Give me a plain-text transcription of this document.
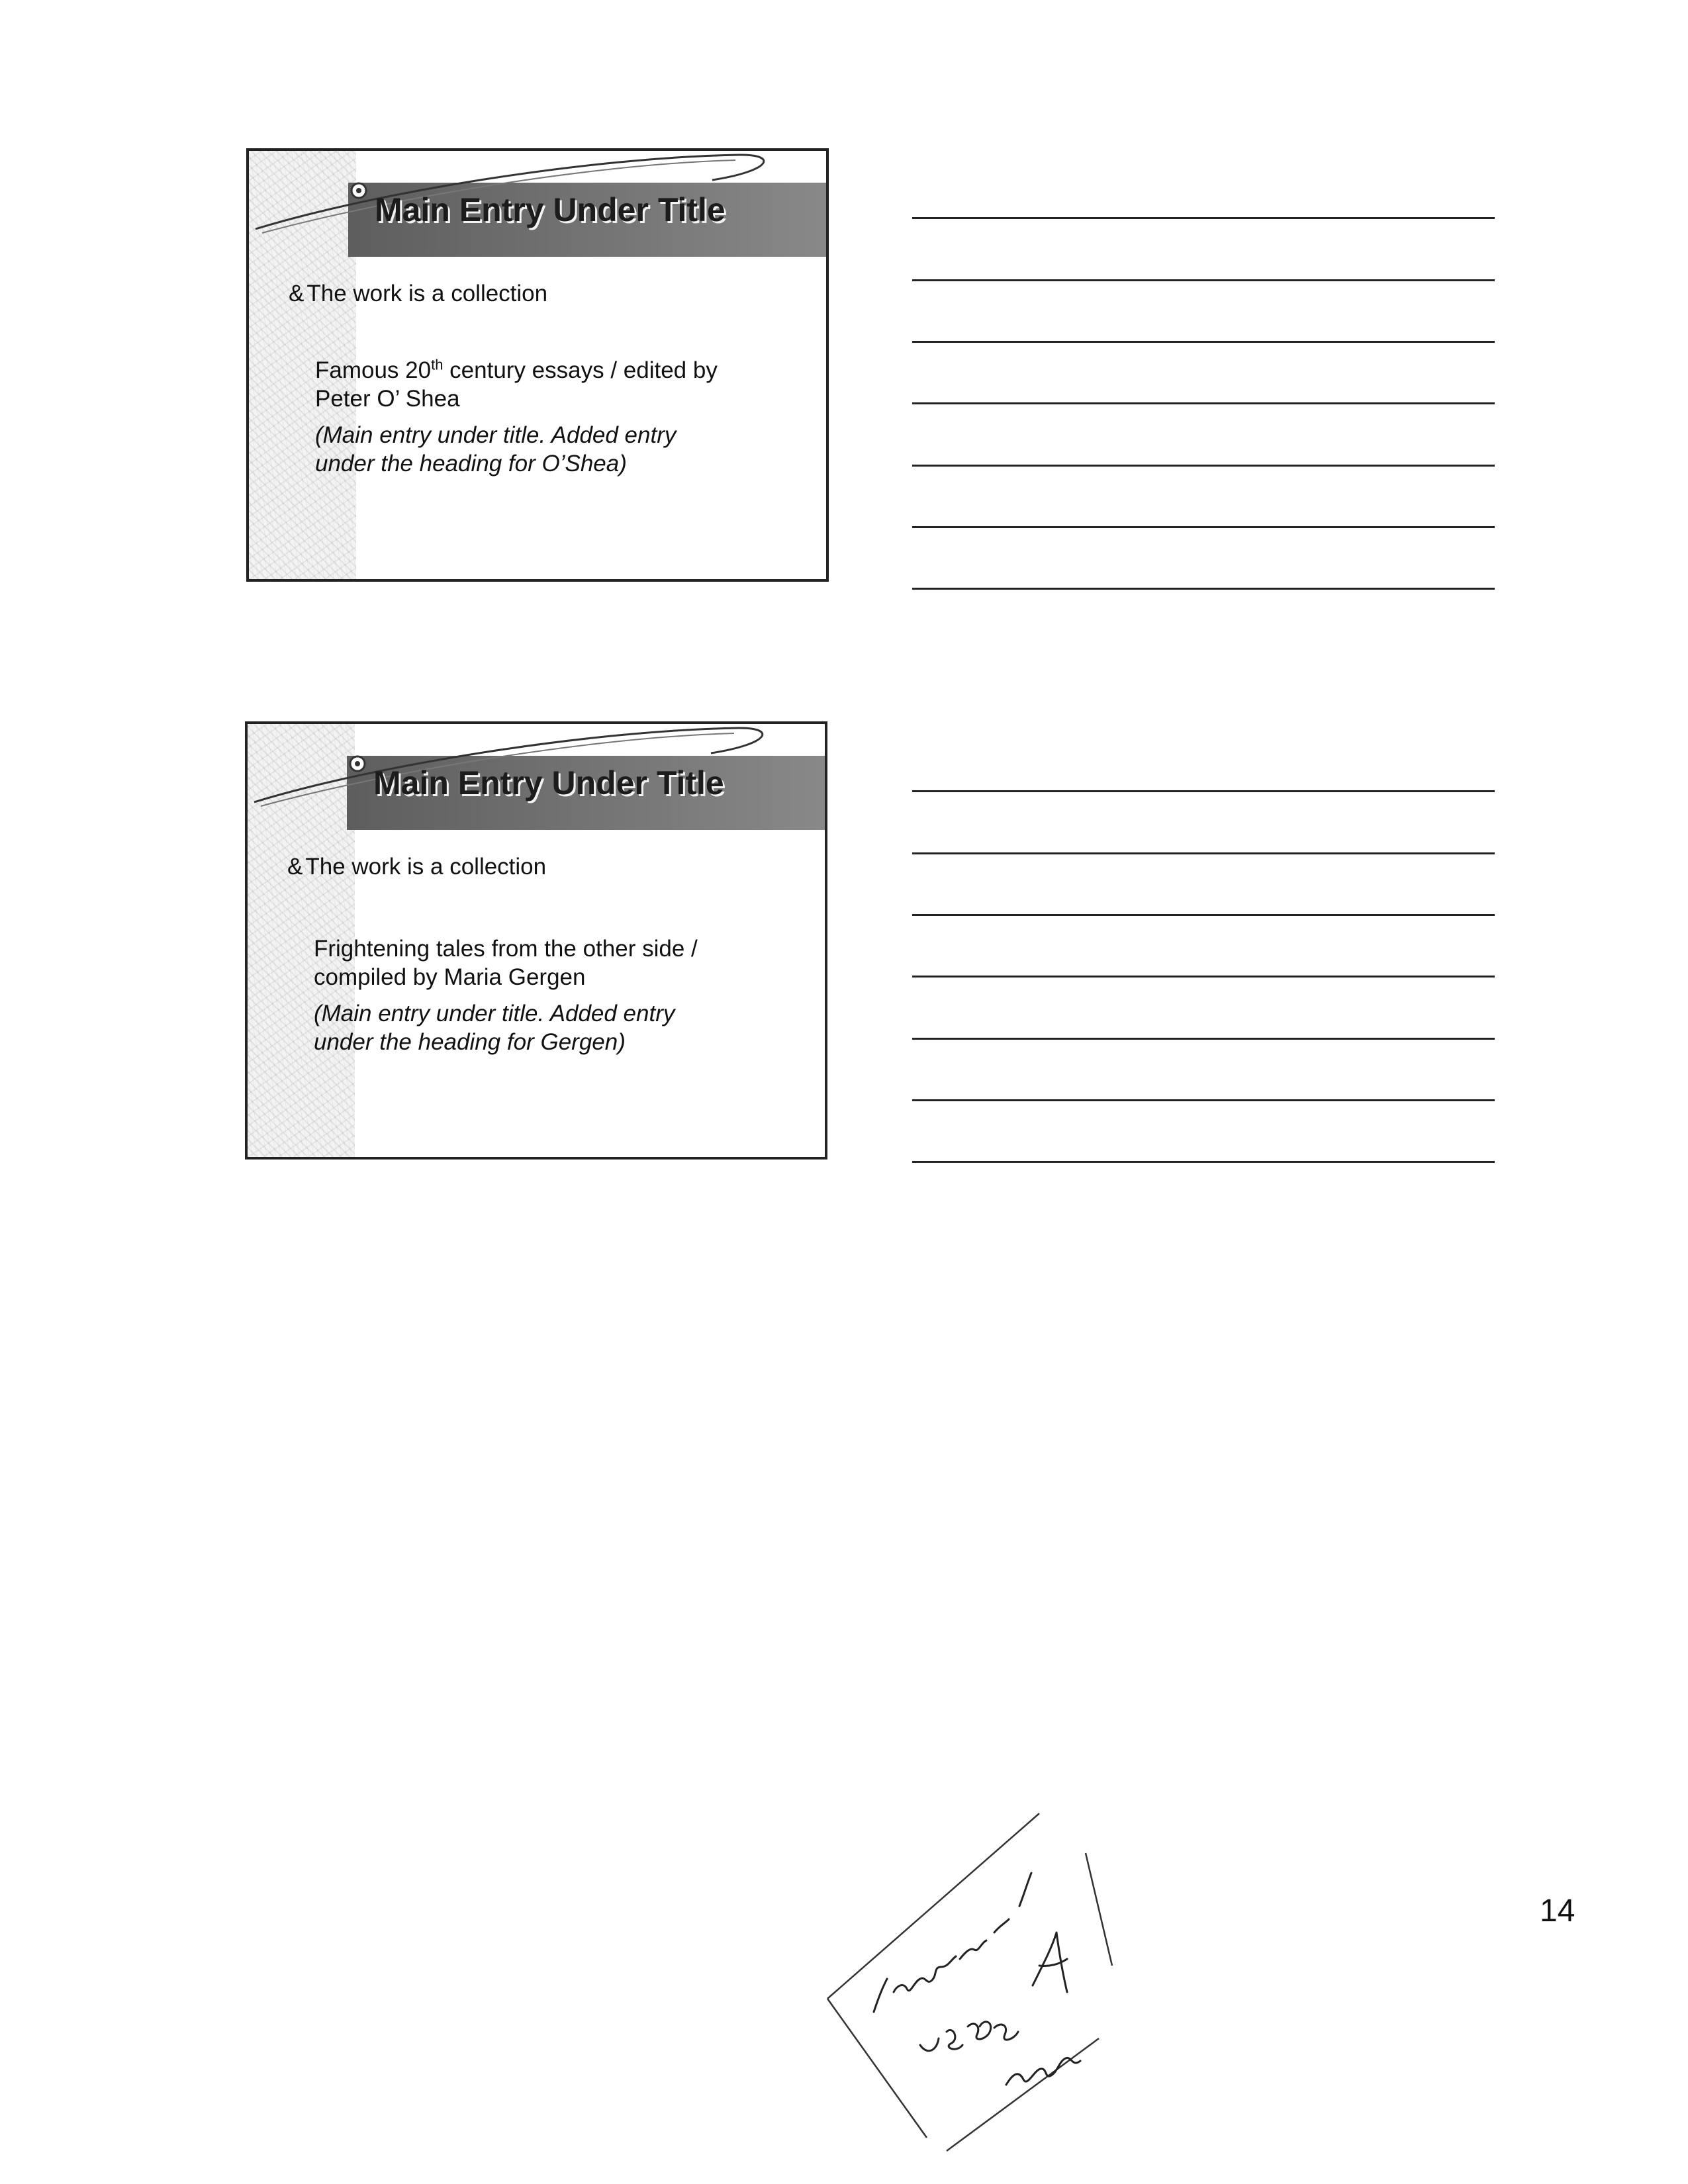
Main Entry Under Title
& The work is a collection
Famous 20th century essays / edited by
Peter O’ Shea
(Main entry under title. Added entry
under the heading for O’Shea)
Main Entry Under Title
& The work is a collection
Frightening tales from the other side /
compiled by Maria Gergen
(Main entry under title. Added entry
under the heading for Gergen)
14
